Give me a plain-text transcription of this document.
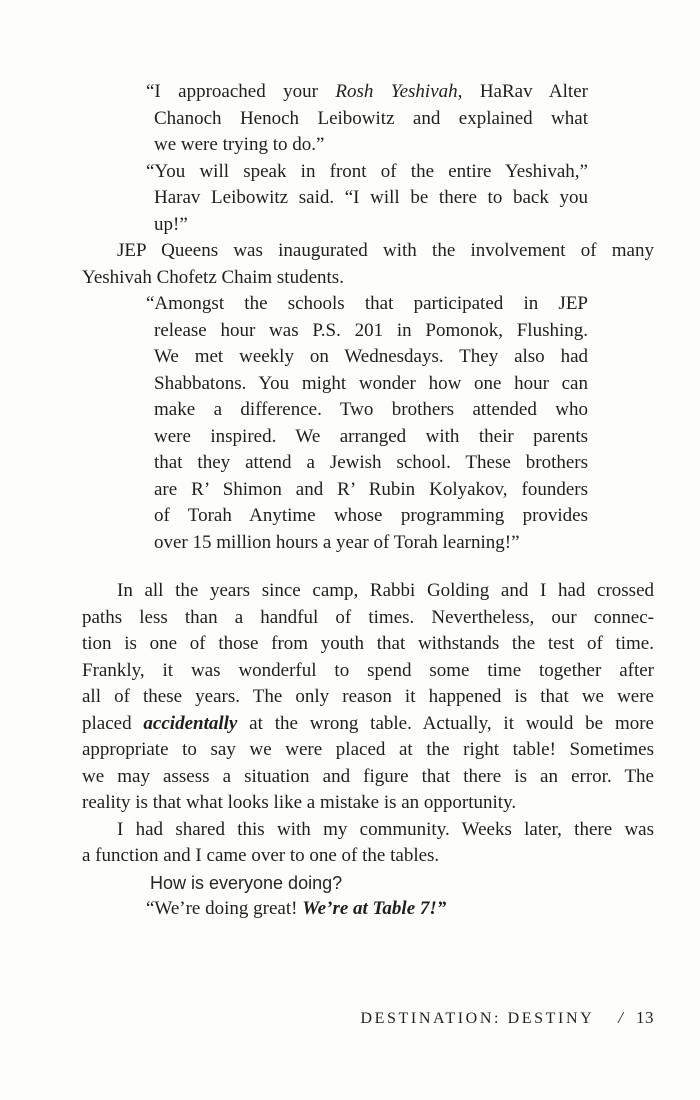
“I approached your Rosh Yeshivah, HaRav Alter
Chanoch Henoch Leibowitz and explained what
we were trying to do.”
“You will speak in front of the entire Yeshivah,”
Harav Leibowitz said. “I will be there to back you
up!”
JEP Queens was inaugurated with the involvement of many
Yeshivah Chofetz Chaim students.
“Amongst the schools that participated in JEP
release hour was P.S. 201 in Pomonok, Flushing.
We met weekly on Wednesdays. They also had
Shabbatons. You might wonder how one hour can
make a difference. Two brothers attended who
were inspired. We arranged with their parents
that they attend a Jewish school. These brothers
are R’ Shimon and R’ Rubin Kolyakov, founders
of Torah Anytime whose programming provides
over 15 million hours a year of Torah learning!”
In all the years since camp, Rabbi Golding and I had crossed
paths less than a handful of times. Nevertheless, our connec-
tion is one of those from youth that withstands the test of time.
Frankly, it was wonderful to spend some time together after
all of these years. The only reason it happened is that we were
placed accidentally at the wrong table. Actually, it would be more
appropriate to say we were placed at the right table! Sometimes
we may assess a situation and figure that there is an error. The
reality is that what looks like a mistake is an opportunity.
I had shared this with my community. Weeks later, there was
a function and I came over to one of the tables.
How is everyone doing?
“We’re doing great! We’re at Table 7!”
DESTINATION: DESTINY / 13
